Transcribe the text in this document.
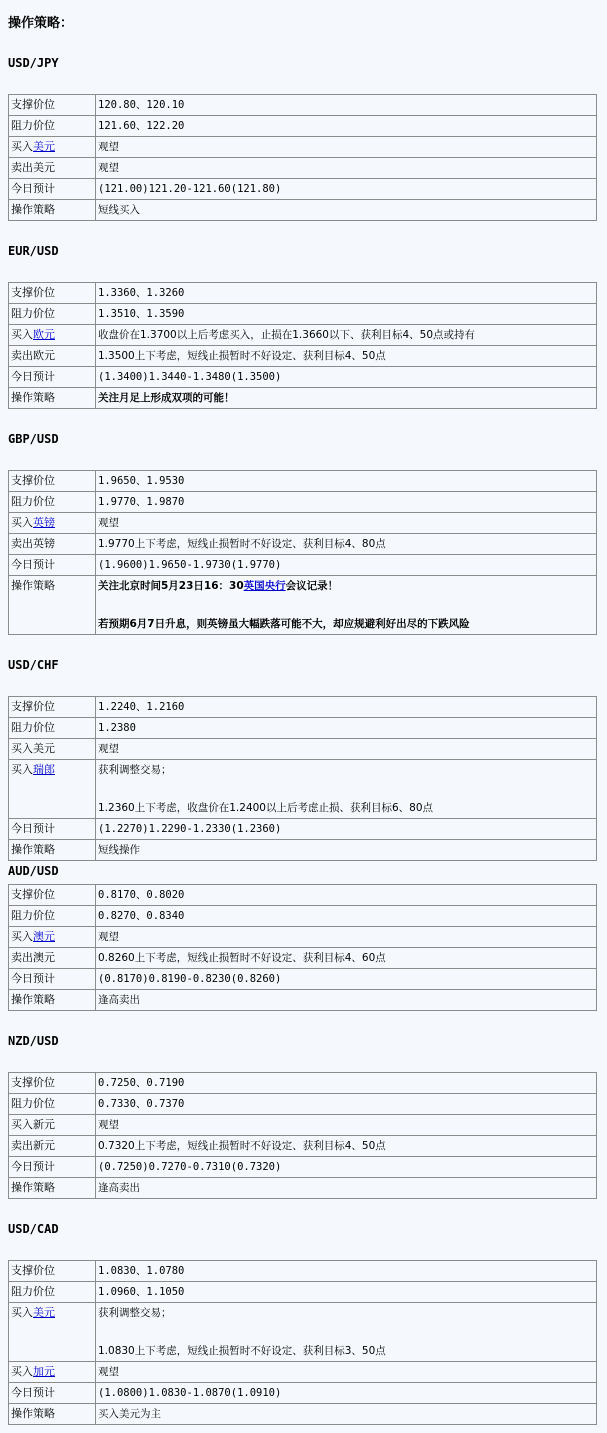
操作策略：
USD/JPY
支撑价位	120.80、120.10
阻力价位	121.60、122.20
买入美元	观望
卖出美元	观望
今日预计	(121.00)121.20-121.60(121.80)
操作策略	短线买入
EUR/USD
支撑价位	1.3360、1.3260
阻力价位	1.3510、1.3590
买入欧元	收盘价在1.3700以上后考虑买入，止损在1.3660以下、获利目标4、50点或持有
卖出欧元	1.3500上下考虑，短线止损暂时不好设定、获利目标4、50点
今日预计	(1.3400)1.3440-1.3480(1.3500)
操作策略	关注月足上形成双项的可能！
GBP/USD
支撑价位	1.9650、1.9530
阻力价位	1.9770、1.9870
买入英镑	观望
卖出英镑	1.9770上下考虑，短线止损暂时不好设定、获利目标4、80点
今日预计	(1.9600)1.9650-1.9730(1.9770)
操作策略	关注北京时间5月23日16：30英国央行会议记录！
若预期6月7日升息，则英镑虽大幅跌落可能不大，却应规避利好出尽的下跌风险
USD/CHF
支撑价位	1.2240、1.2160
阻力价位	1.2380
买入美元	观望
买入瑞郎	获利调整交易；
1.2360上下考虑，收盘价在1.2400以上后考虑止损、获利目标6、80点

今日预计	(1.2270)1.2290-1.2330(1.2360)
操作策略	短线操作
AUD/USD
支撑价位	0.8170、0.8020
阻力价位	0.8270、0.8340
买入澳元	观望
卖出澳元	0.8260上下考虑，短线止损暂时不好设定、获利目标4、60点
今日预计	(0.8170)0.8190-0.8230(0.8260)
操作策略	逢高卖出
NZD/USD
支撑价位	0.7250、0.7190
阻力价位	0.7330、0.7370
买入新元	观望
卖出新元	0.7320上下考虑，短线止损暂时不好设定、获利目标4、50点
今日预计	(0.7250)0.7270-0.7310(0.7320)
操作策略	逢高卖出
USD/CAD
支撑价位	1.0830、1.0780
阻力价位	1.0960、1.1050
买入美元	获利调整交易；
1.0830上下考虑，短线止损暂时不好设定、获利目标3、50点

买入加元	观望
今日预计	(1.0800)1.0830-1.0870(1.0910)
操作策略	买入美元为主
